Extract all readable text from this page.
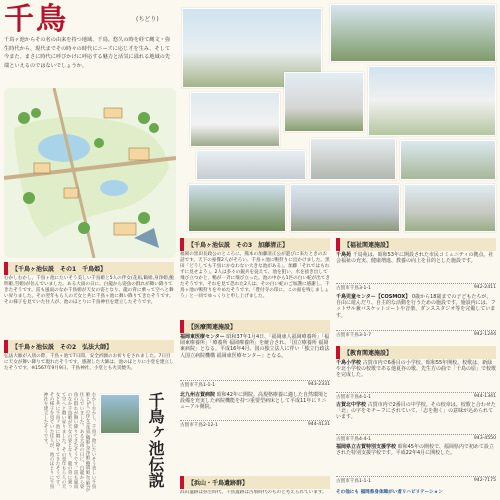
千鳥	(ちどり)
千鳥ヶ池からその名の由来を持つ地域、千鳥。悠久の時を経て縄文・弥生時代から、現代までその時々の時代にニーズに応じ才を生み、そして今また、まさに時代に呼びかけに呼応する魅力と活気に溢れる地域の先端といえるのではないでしょうか。
【千鳥ヶ池伝説　その1　千鳥姫】
むかしむかし、千鳥ヶ池にたいそう美しい千鳥姫と5人の伴女(花凪,鶴姫,身浄姫,鮑明姫,雪姫)が住んでいました。ある大雨の日に、白龍から姿魚の群れが舞い降りてきたそうです。雷も風雨のなか千鳥姫が天女の姿となり、龍の背に乗って空へと舞い昇りました。その翌年もら人の天女と共に千鳥ヶ池に舞い降りてきたそうです。その様子を見ていた住人が、池のほとりに千鳥神社を建立したそうです。
【千鳥ヶ池伝説　その2　弘法大師】
弘法大師が入唐の際、千鳥ヶ池で7日間、安全祈願のお祈りをされました。7日目に天女が舞い降りて現れたそうです。感謝した大師は、池のほとりに小堂を建立したそうです。※1567年9月9日、千鳥神社、小堂とも火災焼失。
千鳥ヶ池伝説
むかしむかし、千鳥ヶ池にたいそう美しい千鳥姫と5人の伴女(花凪,鶴姫,身浄姫,鮑明姫,雪姫)が住んでいました。ある大雨の日に、白龍から姿魚の群れが舞い降りてきたそうです。雷も風雨のなか千鳥姫が天女の姿となり、龍の背に乗って空へと舞い昇りました。その翌年もら人の天女と共に千鳥ヶ池に舞い降りてきたそうです。その様子を見ていた住人が、池のほとりに千鳥神社を建立したそうです。
【千鳥ヶ池伝説　その3　加藤清正】
福岡の黒田長政公のところに、熊本の加藤清正公が遊びに来たときのお話です。天下の豪傑2人がそろい、千鳥ヶ池に鴨狩りに出かけました。黒田「どうしても千鳥にかなわない大きな池がある」。加藤「それではもれずに見せよう」。2人は多々の鋭兵を従えて、池を狙い、水を抜き出して飛び立つかと、鴨が一斉に飛び立った。池の中から1匹の白い蛇が出てきたそうです。それを見て恐れた2人は、その白い蛇のご加護に感謝し、千鳥ヶ池の鴨狩りをやめたそうです。「豊付寺の印に、この面を残しましょう」と一同でゆっくりと申し上げました。
【医療関連施設】
福岡東医療センター 昭和37年1月4日、「福岡東人福岡療養所」「福岡東療養所」「療養所 福岡療養所」を統合され、「国立療養所 福岡東病院」となる。平成16年4月、国の独立法人に伴い「独立行政法人国立病院機構 福岡東医療センター」となる。
古賀市千鳥1-1-1	943-2331
北九州古賀病院 昭和42年に開院。高規格療養に適した自然環境と設備を充実した病院機能を持つ重要型病床として平成11年にリニューアル開院。
古賀市千鳥2-12-1	944-4131
【浜山・千鳥遺跡群】
浜山遺跡は弥生時代、千鳥遺跡は古墳時代のものと考えられています。
【福祉関連施設】
千鳥苑 千鳥苑は、昭和53年に開設された市民コミュニティの拠点。社会福祉の充実、健康増進、教養の向上を目的とした施設です。
古賀市千鳥3-1-1	942-2411
千鳥児童センター【COSMOX】 0歳から18歳までの子どもたちが、自由に遊んだり、自主的な活動を行うための施設です。施設内には、フットサル兼バスケットコートや音楽、ダンススタジオ等を完備しています。
古賀市千鳥3-1-7	942-1244
【教育関連施設】
千鳥小学校 古賀市内で6番目の小学校。昭和55年開校。校歌は、新緑や北小学校の校歌である他夏谷の歌、先生方の曲で「千鳥の原」で校歌を完成した。
古賀市千鳥4-1-1	944-1341
古賀北中学校 古賀市内で2番目の中学校。その校章は、校歌と合わせた「北」の字をモチーフにされていて、「志を抱く」の意味が込められています。
古賀市千鳥4-4-1	943-4550
福岡県立古賀特別支援学校 昭和45年の開校で、福岡県内で初めて設立された特別支援学校です。平成22年4月に開校した。
古賀市千鳥1-1-1	942-7175
その他にも 福岡県身体障がい者リハビリテーション
